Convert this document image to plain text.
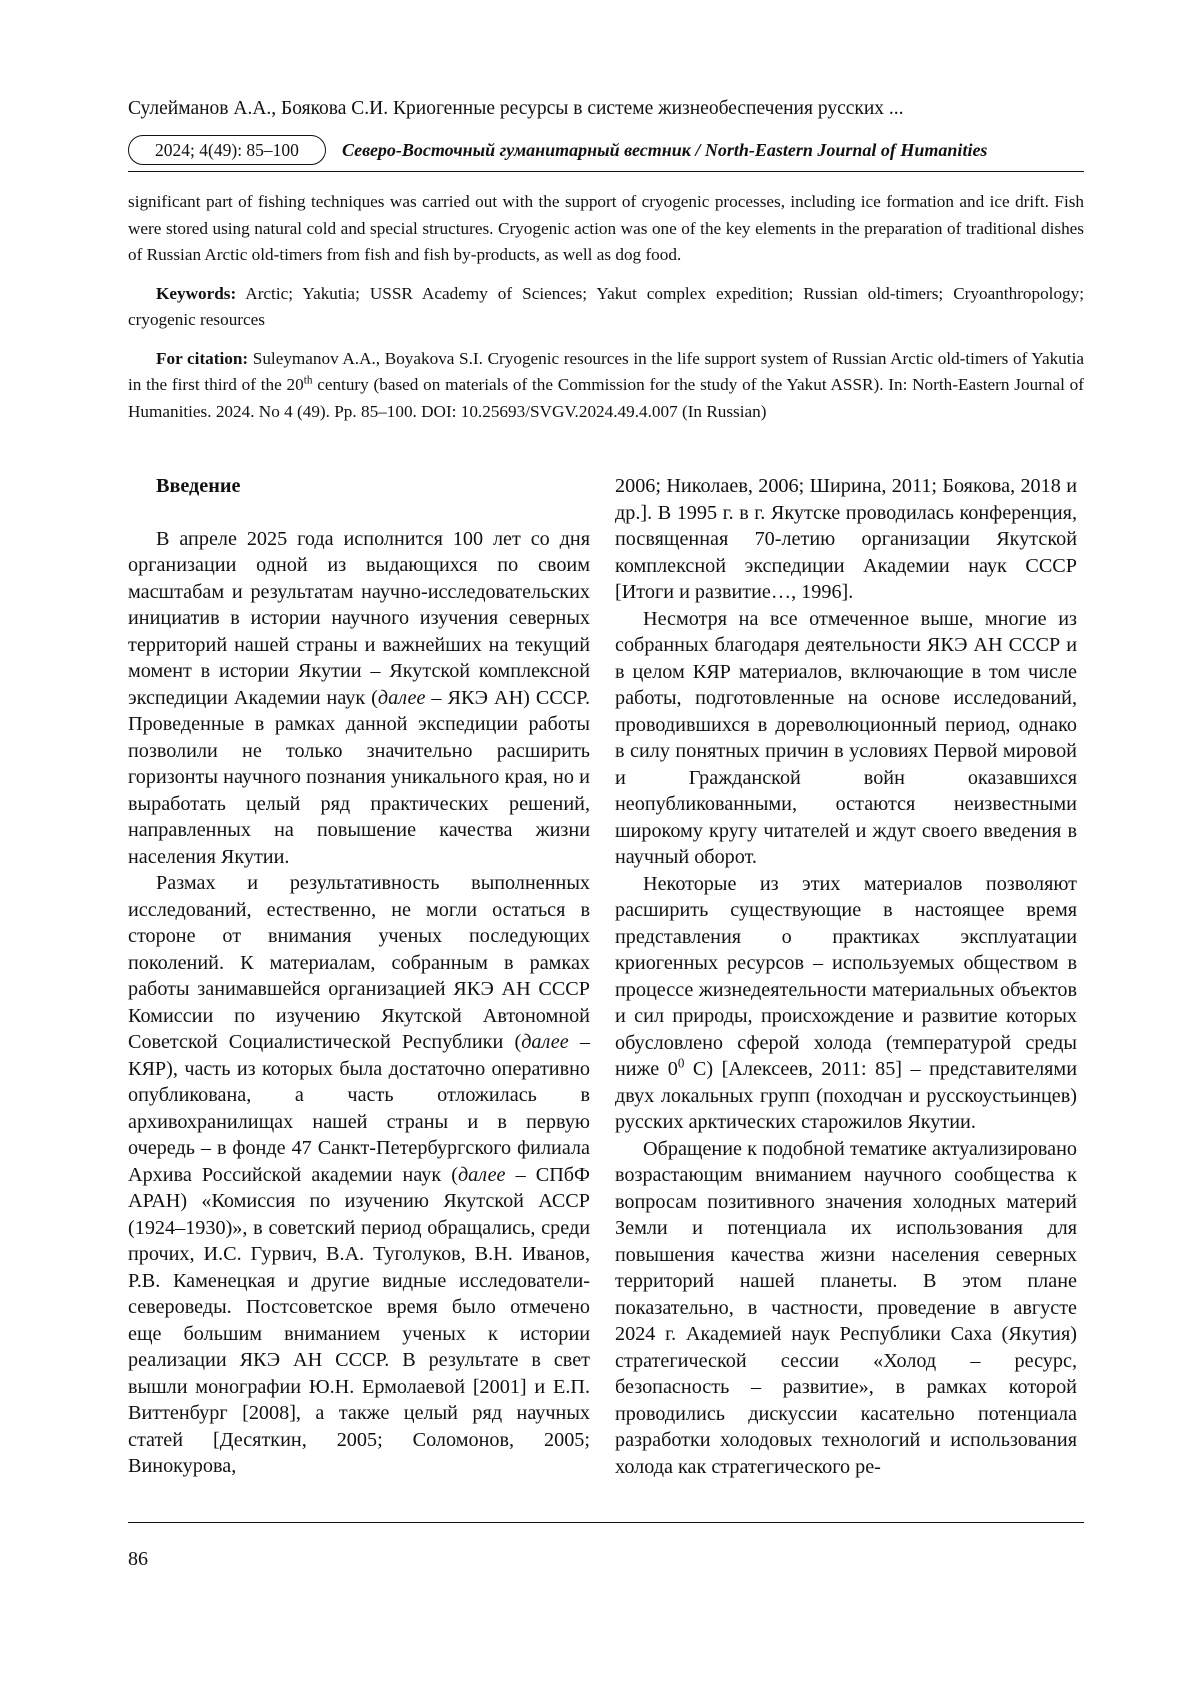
Сулейманов А.А., Боякова С.И. Криогенные ресурсы в системе жизнеобеспечения русских ...
2024; 4(49): 85–100	Северо-Восточный гуманитарный вестник / North-Eastern Journal of Humanities

significant part of fishing techniques was carried out with the support of cryogenic processes, including ice formation and ice drift. Fish were stored using natural cold and special structures. Cryogenic action was one of the key elements in the preparation of traditional dishes of Russian Arctic old-timers from fish and fish by-products, as well as dog food.

Keywords: Arctic; Yakutia; USSR Academy of Sciences; Yakut complex expedition; Russian old-timers; Cryoanthropology; cryogenic resources

For citation: Suleymanov A.A., Boyakova S.I. Cryogenic resources in the life support system of Russian Arctic old-timers of Yakutia in the first third of the 20th century (based on materials of the Commission for the study of the Yakut ASSR). In: North-Eastern Journal of Humanities. 2024. No 4 (49). Pp. 85–100. DOI: 10.25693/SVGV.2024.49.4.007 (In Russian)

Введение

В апреле 2025 года исполнится 100 лет со дня организации одной из выдающихся по своим масштабам и результатам научно-исследовательских инициатив в истории научного изучения северных территорий нашей страны и важнейших на текущий момент в истории Якутии – Якутской комплексной экспедиции Академии наук (далее – ЯКЭ АН) СССР. Проведенные в рамках данной экспедиции работы позволили не только значительно расширить горизонты научного познания уникального края, но и выработать целый ряд практических решений, направленных на повышение качества жизни населения Якутии.

Размах и результативность выполненных исследований, естественно, не могли остаться в стороне от внимания ученых последующих поколений. К материалам, собранным в рамках работы занимавшейся организацией ЯКЭ АН СССР Комиссии по изучению Якутской Автономной Советской Социалистической Республики (далее – КЯР), часть из которых была достаточно оперативно опубликована, а часть отложилась в архивохранилищах нашей страны и в первую очередь – в фонде 47 Санкт-Петербургского филиала Архива Российской академии наук (далее – СПбФ АРАН) «Комиссия по изучению Якутской АССР (1924–1930)», в советский период обращались, среди прочих, И.С. Гурвич, В.А. Туголуков, В.Н. Иванов, Р.В. Каменецкая и другие видные исследователи-североведы. Постсоветское время было отмечено еще большим вниманием ученых к истории реализации ЯКЭ АН СССР. В результате в свет вышли монографии Ю.Н. Ермолаевой [2001] и Е.П. Виттенбург [2008], а также целый ряд научных статей [Десяткин, 2005; Соломонов, 2005; Винокурова,

2006; Николаев, 2006; Ширина, 2011; Боякова, 2018 и др.]. В 1995 г. в г. Якутске проводилась конференция, посвященная 70-летию организации Якутской комплексной экспедиции Академии наук СССР [Итоги и развитие…, 1996].

Несмотря на все отмеченное выше, многие из собранных благодаря деятельности ЯКЭ АН СССР и в целом КЯР материалов, включающие в том числе работы, подготовленные на основе исследований, проводившихся в дореволюционный период, однако в силу понятных причин в условиях Первой мировой и Гражданской войн оказавшихся неопубликованными, остаются неизвестными широкому кругу читателей и ждут своего введения в научный оборот.

Некоторые из этих материалов позволяют расширить существующие в настоящее время представления о практиках эксплуатации криогенных ресурсов – используемых обществом в процессе жизнедеятельности материальных объектов и сил природы, происхождение и развитие которых обусловлено сферой холода (температурой среды ниже $0^0$ С) [Алексеев, 2011: 85] – представителями двух локальных групп (походчан и русскоустьинцев) русских арктических старожилов Якутии.

Обращение к подобной тематике актуализировано возрастающим вниманием научного сообщества к вопросам позитивного значения холодных материй Земли и потенциала их использования для повышения качества жизни населения северных территорий нашей планеты. В этом плане показательно, в частности, проведение в августе 2024 г. Академией наук Республики Саха (Якутия) стратегической сессии «Холод – ресурс, безопасность – развитие», в рамках которой проводились дискуссии касательно потенциала разработки холодовых технологий и использования холода как стратегического ре-

86
